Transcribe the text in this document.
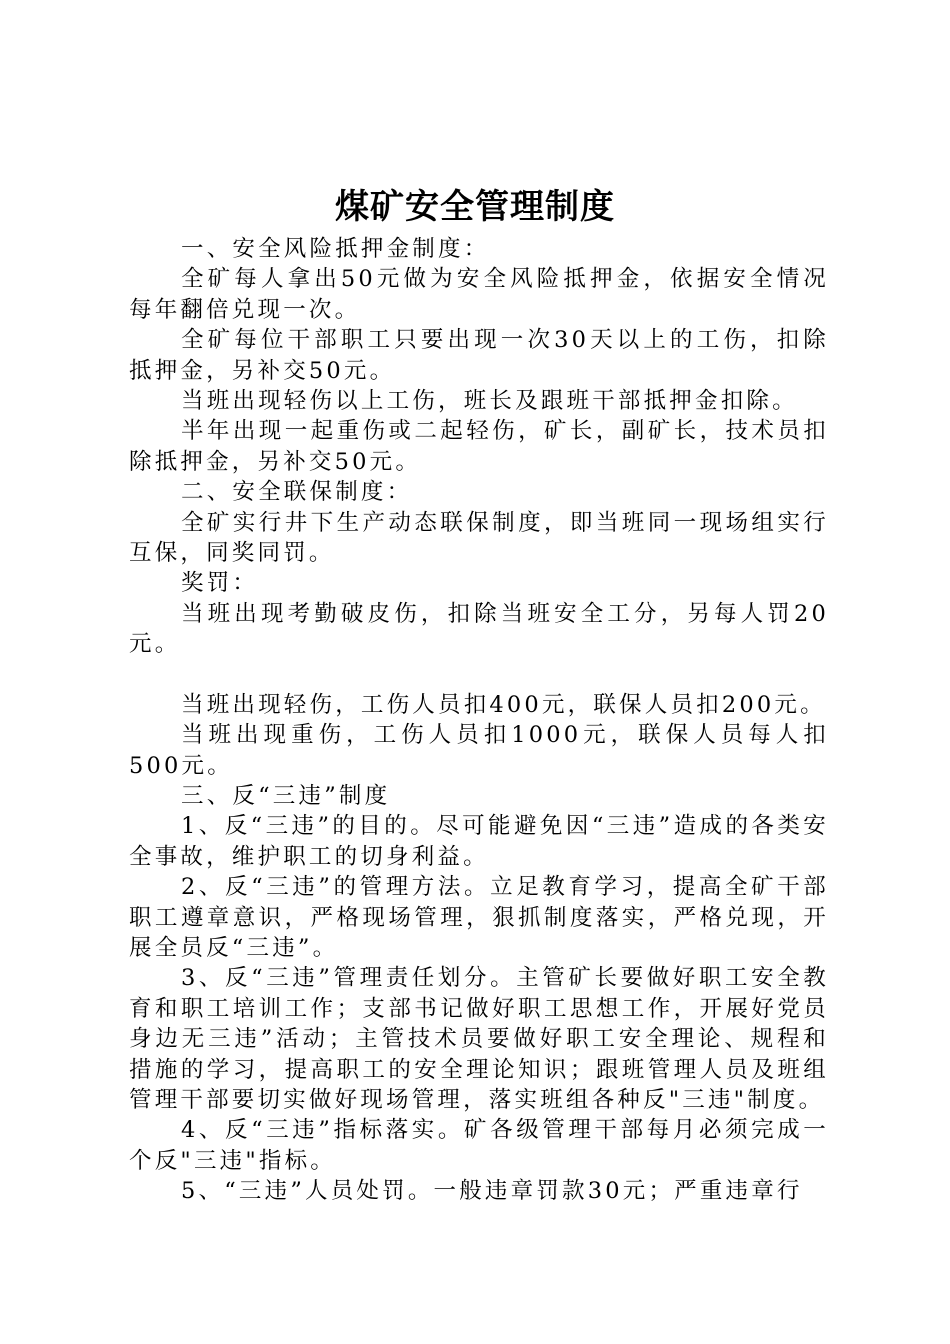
煤矿安全管理制度

一、安全风险抵押金制度：

全矿每人拿出50元做为安全风险抵押金，依据安全情况每年翻倍兑现一次。

全矿每位干部职工只要出现一次30天以上的工伤，扣除抵押金，另补交50元。

当班出现轻伤以上工伤，班长及跟班干部抵押金扣除。

半年出现一起重伤或二起轻伤，矿长，副矿长，技术员扣除抵押金，另补交50元。

二、安全联保制度：

全矿实行井下生产动态联保制度，即当班同一现场组实行互保，同奖同罚。

奖罚：

当班出现考勤破皮伤，扣除当班安全工分，另每人罚20元。

当班出现轻伤，工伤人员扣400元，联保人员扣200元。

当班出现重伤，工伤人员扣1000元，联保人员每人扣500元。

三、反“三违”制度

1、反“三违”的目的。尽可能避免因“三违”造成的各类安全事故，维护职工的切身利益。

2、反“三违”的管理方法。立足教育学习，提高全矿干部职工遵章意识，严格现场管理，狠抓制度落实，严格兑现，开展全员反“三违”。

3、反“三违”管理责任划分。主管矿长要做好职工安全教育和职工培训工作；支部书记做好职工思想工作，开展好党员身边无三违”活动；主管技术员要做好职工安全理论、规程和措施的学习，提高职工的安全理论知识；跟班管理人员及班组管理干部要切实做好现场管理，落实班组各种反"三违"制度。

4、反“三违”指标落实。矿各级管理干部每月必须完成一个反"三违"指标。

5、“三违”人员处罚。一般违章罚款30元；严重违章行
